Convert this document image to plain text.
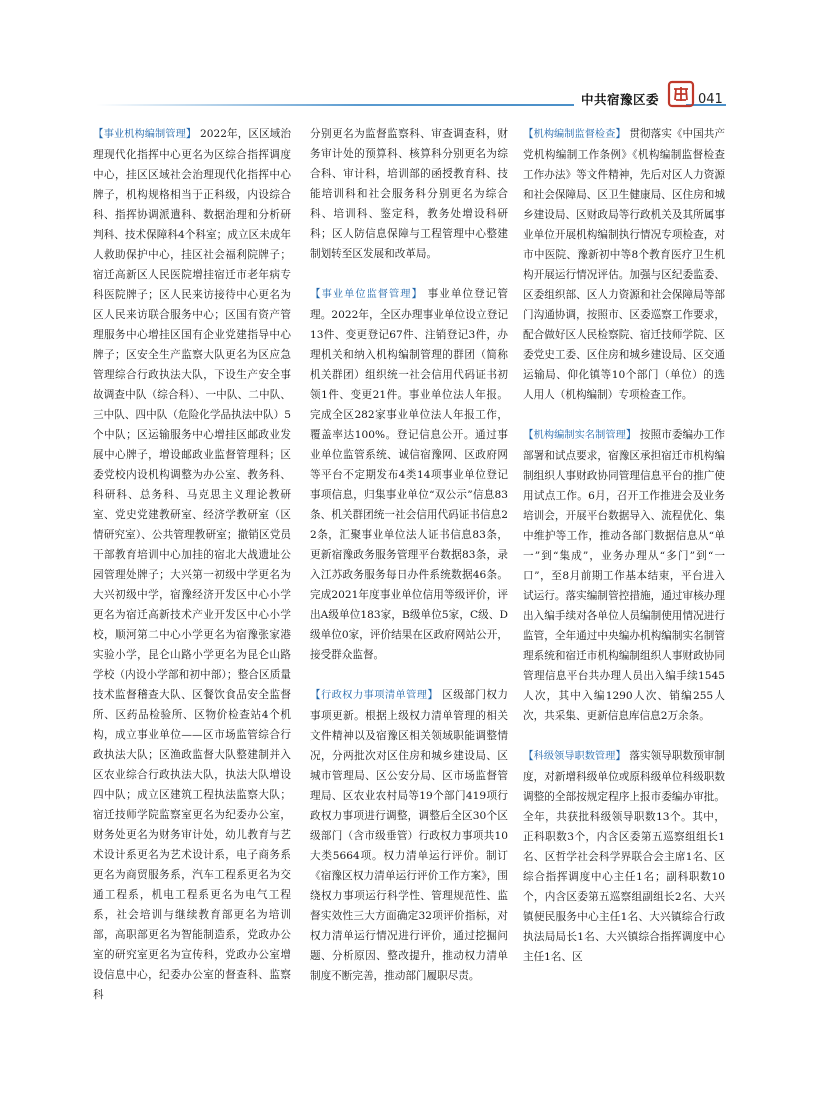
中共宿豫区委	041

【事业机构编制管理】 2022年，区区域治理现代化指挥中心更名为区综合指挥调度中心，挂区区域社会治理现代化指挥中心牌子，机构规格相当于正科级，内设综合科、指挥协调派遣科、数据治理和分析研判科、技术保障科4个科室；成立区未成年人救助保护中心，挂区社会福利院牌子；宿迁高新区人民医院增挂宿迁市老年病专科医院牌子；区人民来访接待中心更名为区人民来访联合服务中心；区国有资产管理服务中心增挂区国有企业党建指导中心牌子；区安全生产监察大队更名为区应急管理综合行政执法大队，下设生产安全事故调查中队（综合科）、一中队、二中队、三中队、四中队（危险化学品执法中队）5个中队；区运输服务中心增挂区邮政业发展中心牌子，增设邮政业监督管理科；区委党校内设机构调整为办公室、教务科、科研科、总务科、马克思主义理论教研室、党史党建教研室、经济学教研室（区情研究室）、公共管理教研室；撤销区党员干部教育培训中心加挂的宿北大战遗址公园管理处牌子；大兴第一初级中学更名为大兴初级中学，宿豫经济开发区中心小学更名为宿迁高新技术产业开发区中心小学校，顺河第二中心小学更名为宿豫张家港实验小学，昆仑山路小学更名为昆仑山路学校（内设小学部和初中部）；整合区质量技术监督稽查大队、区餐饮食品安全监督所、区药品检验所、区物价检查站4个机构，成立事业单位——区市场监管综合行政执法大队；区渔政监督大队整建制并入区农业综合行政执法大队，执法大队增设四中队；成立区建筑工程执法监察大队；宿迁技师学院监察室更名为纪委办公室，财务处更名为财务审计处，幼儿教育与艺术设计系更名为艺术设计系，电子商务系更名为商贸服务系，汽车工程系更名为交通工程系，机电工程系更名为电气工程系，社会培训与继续教育部更名为培训部，高职部更名为智能制造系，党政办公室的研究室更名为宣传科，党政办公室增设信息中心，纪委办公室的督查科、监察科

分别更名为监督监察科、审查调查科，财务审计处的预算科、核算科分别更名为综合科、审计科，培训部的函授教育科、技能培训科和社会服务科分别更名为综合科、培训科、鉴定科，教务处增设科研科；区人防信息保障与工程管理中心整建制划转至区发展和改革局。

【事业单位监督管理】 事业单位登记管理。2022年，全区办理事业单位设立登记13件、变更登记67件、注销登记3件，办理机关和纳入机构编制管理的群团（简称机关群团）组织统一社会信用代码证书初领1件、变更21件。事业单位法人年报。完成全区282家事业单位法人年报工作，覆盖率达100%。登记信息公开。通过事业单位监管系统、诚信宿豫网、区政府网等平台不定期发布4类14项事业单位登记事项信息，归集事业单位“双公示”信息83条、机关群团统一社会信用代码证书信息22条，汇聚事业单位法人证书信息83条，更新宿豫政务服务管理平台数据83条，录入江苏政务服务每日办件系统数据46条。完成2021年度事业单位信用等级评价，评出A级单位183家，B级单位5家，C级、D级单位0家，评价结果在区政府网站公开，接受群众监督。

【行政权力事项清单管理】 区级部门权力事项更新。根据上级权力清单管理的相关文件精神以及宿豫区相关领域职能调整情况，分两批次对区住房和城乡建设局、区城市管理局、区公安分局、区市场监督管理局、区农业农村局等19个部门419项行政权力事项进行调整，调整后全区30个区级部门（含市级垂管）行政权力事项共10大类5664项。权力清单运行评价。制订《宿豫区权力清单运行评价工作方案》，围绕权力事项运行科学性、管理规范性、监督实效性三大方面确定32项评价指标，对权力清单运行情况进行评价，通过挖掘问题、分析原因、整改提升，推动权力清单制度不断完善，推动部门履职尽责。

【机构编制监督检查】 贯彻落实《中国共产党机构编制工作条例》《机构编制监督检查工作办法》等文件精神，先后对区人力资源和社会保障局、区卫生健康局、区住房和城乡建设局、区财政局等行政机关及其所属事业单位开展机构编制执行情况专项检查，对市中医院、豫新初中等8个教育医疗卫生机构开展运行情况评估。加强与区纪委监委、区委组织部、区人力资源和社会保障局等部门沟通协调，按照市、区委巡察工作要求，配合做好区人民检察院、宿迁技师学院、区委党史工委、区住房和城乡建设局、区交通运输局、仰化镇等10个部门（单位）的选人用人（机构编制）专项检查工作。

【机构编制实名制管理】 按照市委编办工作部署和试点要求，宿豫区承担宿迁市机构编制组织人事财政协同管理信息平台的推广使用试点工作。6月，召开工作推进会及业务培训会，开展平台数据导入、流程优化、集中维护等工作，推动各部门数据信息从“单一”到“集成”，业务办理从“多门”到“一口”，至8月前期工作基本结束，平台进入试运行。落实编制管控措施，通过审核办理出入编手续对各单位人员编制使用情况进行监管，全年通过中央编办机构编制实名制管理系统和宿迁市机构编制组织人事财政协同管理信息平台共办理人员出入编手续1545人次，其中入编1290人次、销编255人次，共采集、更新信息库信息2万余条。

【科级领导职数管理】 落实领导职数预审制度，对新增科级单位或原科级单位科级职数调整的全部按规定程序上报市委编办审批。全年，共获批科级领导职数13个。其中，正科职数3个，内含区委第五巡察组组长1名、区哲学社会科学界联合会主席1名、区综合指挥调度中心主任1名；副科职数10个，内含区委第五巡察组副组长2名、大兴镇便民服务中心主任1名、大兴镇综合行政执法局局长1名、大兴镇综合指挥调度中心主任1名、区
